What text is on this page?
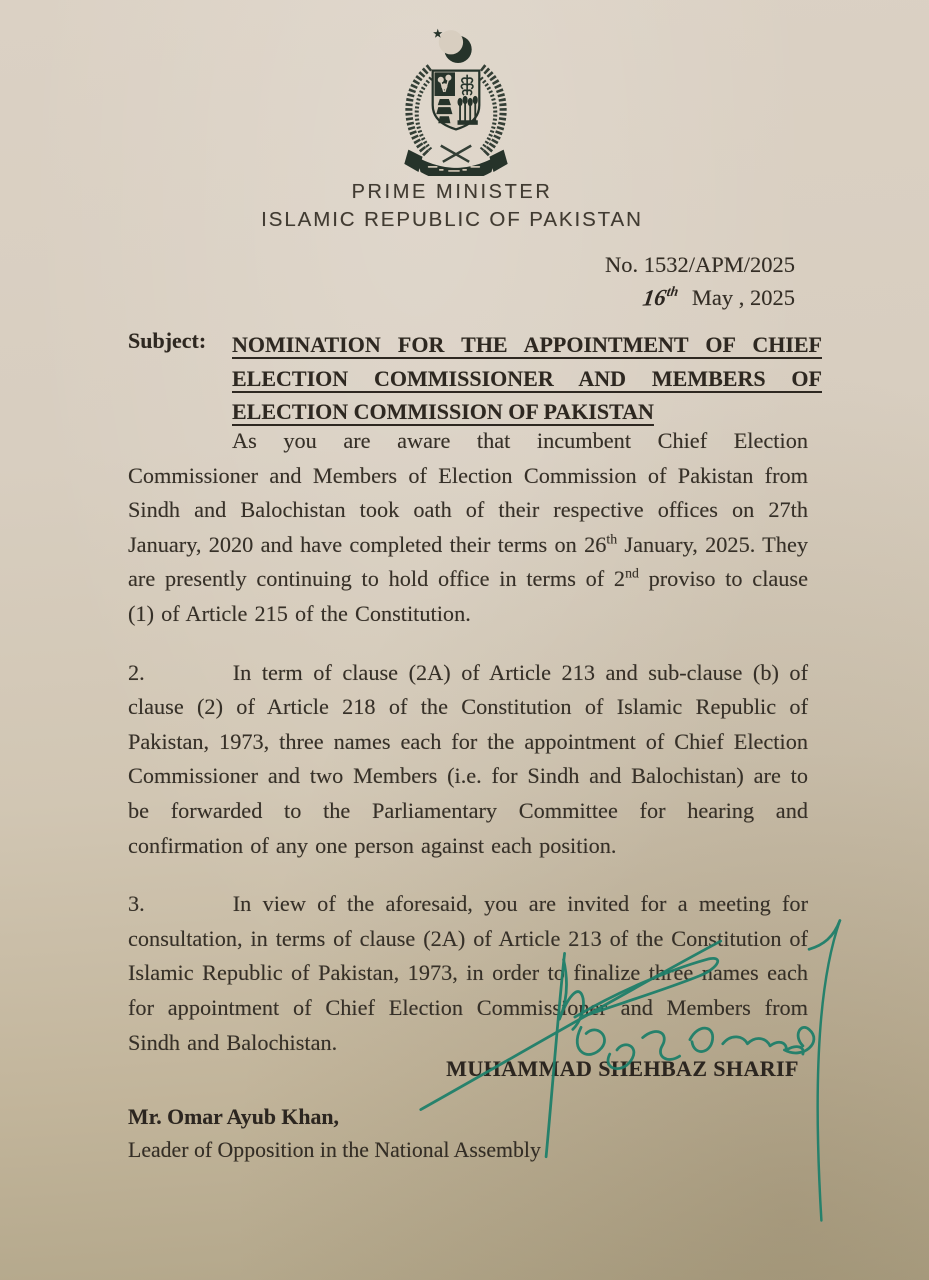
PRIME MINISTER
ISLAMIC REPUBLIC OF PAKISTAN
No. 1532/APM/2025
16th May , 2025
Subject:	NOMINATION FOR THE APPOINTMENT OF CHIEF ELECTION COMMISSIONER AND MEMBERS OF ELECTION COMMISSION OF PAKISTAN

As you are aware that incumbent Chief Election Commissioner and Members of Election Commission of Pakistan from Sindh and Balochistan took oath of their respective offices on 27th January, 2020 and have completed their terms on 26th January, 2025. They are presently continuing to hold office in terms of 2nd proviso to clause (1) of Article 215 of the Constitution.

2.	In term of clause (2A) of Article 213 and sub-clause (b) of clause (2) of Article 218 of the Constitution of Islamic Republic of Pakistan, 1973, three names each for the appointment of Chief Election Commissioner and two Members (i.e. for Sindh and Balochistan) are to be forwarded to the Parliamentary Committee for hearing and confirmation of any one person against each position.

3.	In view of the aforesaid, you are invited for a meeting for consultation, in terms of clause (2A) of Article 213 of the Constitution of Islamic Republic of Pakistan, 1973, in order to finalize three names each for appointment of Chief Election Commissioner and Members from Sindh and Balochistan.

MUHAMMAD SHEHBAZ SHARIF
Mr. Omar Ayub Khan,
Leader of Opposition in the National Assembly
